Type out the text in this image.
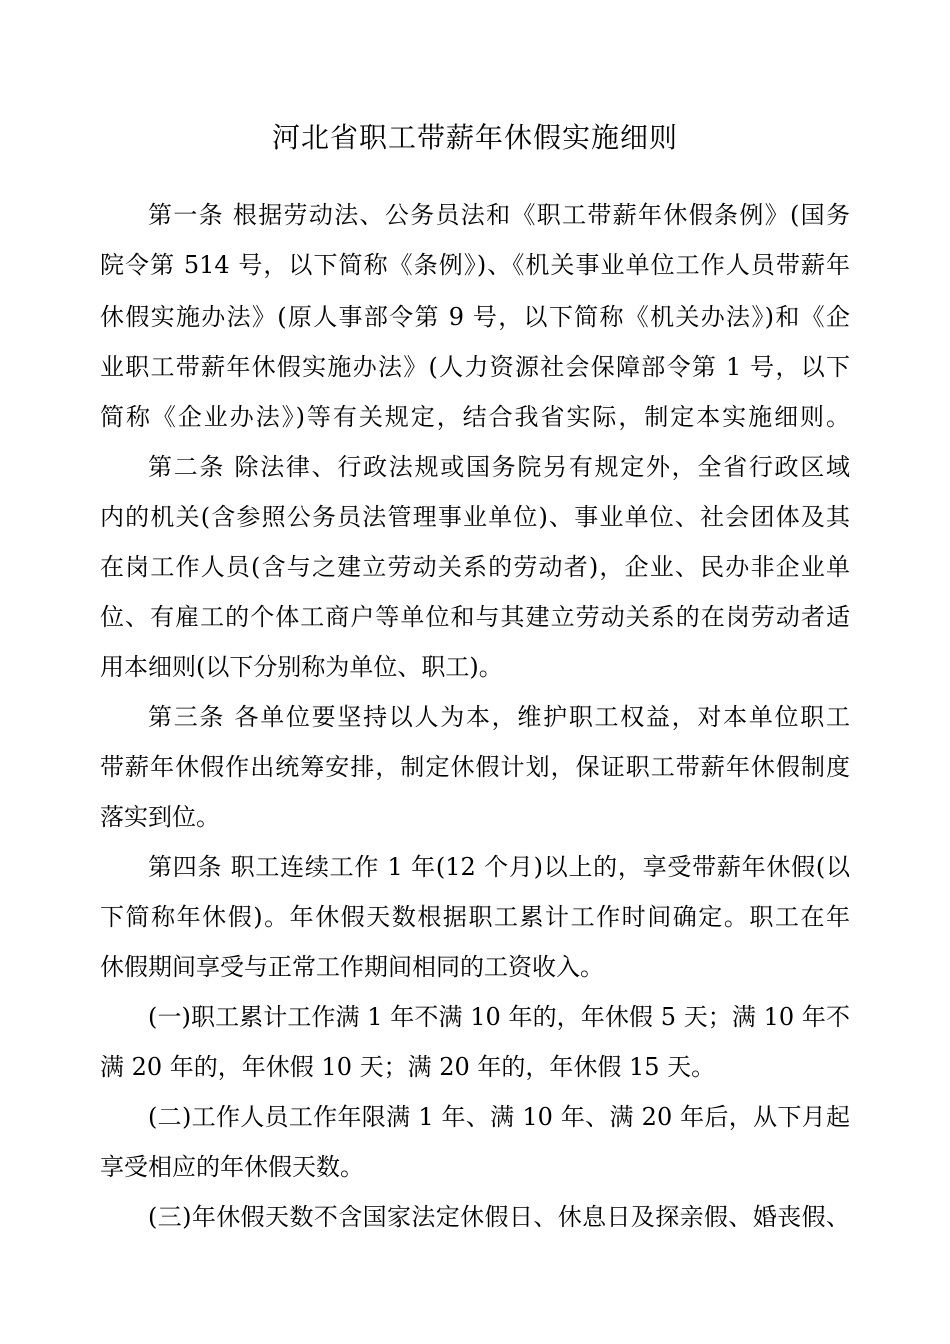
河北省职工带薪年休假实施细则
第一条 根据劳动法、公务员法和《职工带薪年休假条例》(国务
院令第 514 号，以下简称《条例》)、《机关事业单位工作人员带薪年
休假实施办法》(原人事部令第 9 号，以下简称《机关办法》)和《企
业职工带薪年休假实施办法》(人力资源社会保障部令第 1 号，以下
简称《企业办法》)等有关规定，结合我省实际，制定本实施细则。
第二条 除法律、行政法规或国务院另有规定外，全省行政区域
内的机关(含参照公务员法管理事业单位)、事业单位、社会团体及其
在岗工作人员(含与之建立劳动关系的劳动者)，企业、民办非企业单
位、有雇工的个体工商户等单位和与其建立劳动关系的在岗劳动者适
用本细则(以下分别称为单位、职工)。
第三条 各单位要坚持以人为本，维护职工权益，对本单位职工
带薪年休假作出统筹安排，制定休假计划，保证职工带薪年休假制度
落实到位。
第四条 职工连续工作 1 年(12 个月)以上的，享受带薪年休假(以
下简称年休假)。年休假天数根据职工累计工作时间确定。职工在年
休假期间享受与正常工作期间相同的工资收入。
(一)职工累计工作满 1 年不满 10 年的，年休假 5 天；满 10 年不
满 20 年的，年休假 10 天；满 20 年的，年休假 15 天。
(二)工作人员工作年限满 1 年、满 10 年、满 20 年后，从下月起
享受相应的年休假天数。
(三)年休假天数不含国家法定休假日、休息日及探亲假、婚丧假、
